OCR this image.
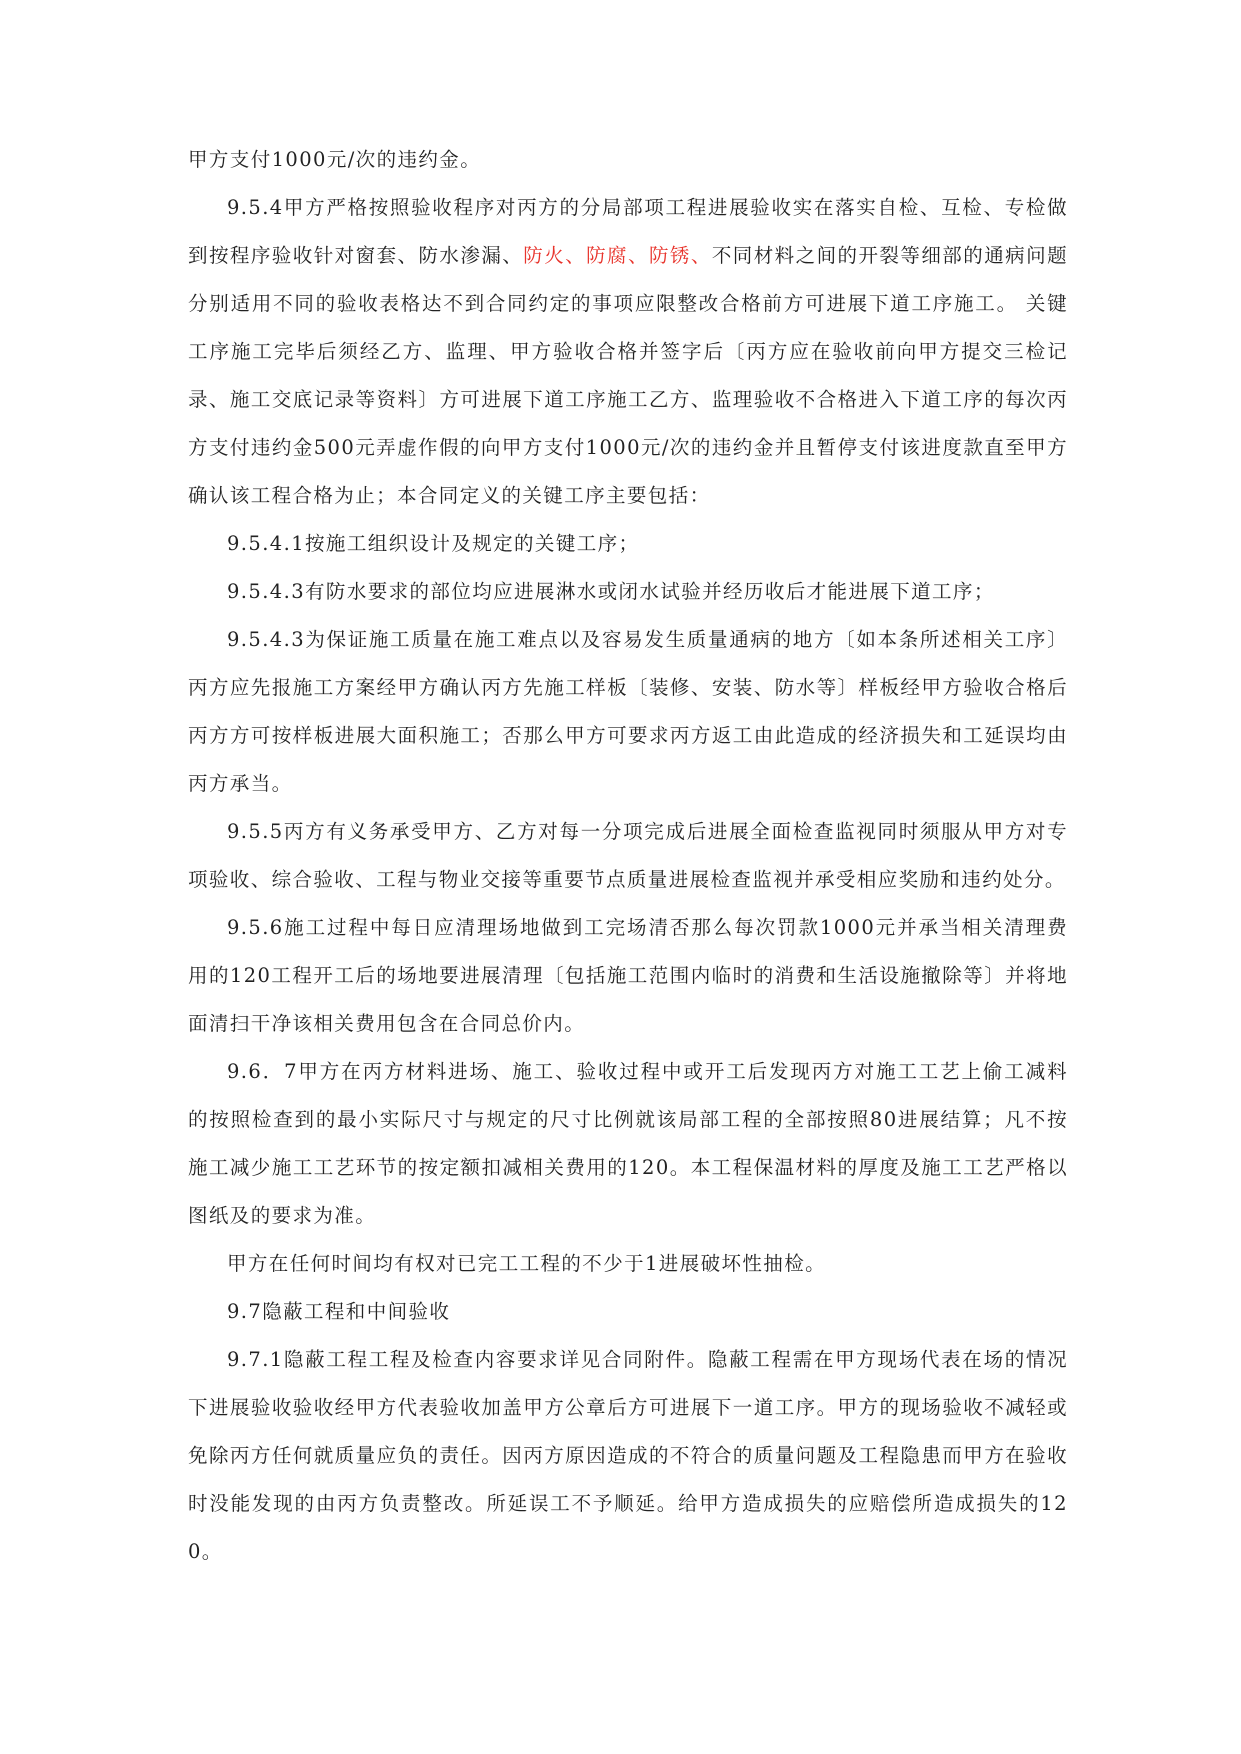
甲方支付1000元/次的违约金。

9.5.4甲方严格按照验收程序对丙方的分局部项工程进展验收实在落实自检、互检、专检做到按程序验收针对窗套、防水渗漏、防火、防腐、防锈、不同材料之间的开裂等细部的通病问题分别适用不同的验收表格达不到合同约定的事项应限整改合格前方可进展下道工序施工。 关键工序施工完毕后须经乙方、监理、甲方验收合格并签字后〔丙方应在验收前向甲方提交三检记录、施工交底记录等资料〕方可进展下道工序施工乙方、监理验收不合格进入下道工序的每次丙方支付违约金500元弄虚作假的向甲方支付1000元/次的违约金并且暂停支付该进度款直至甲方确认该工程合格为止；本合同定义的关键工序主要包括：

9.5.4.1按施工组织设计及规定的关键工序；

9.5.4.3有防水要求的部位均应进展淋水或闭水试验并经历收后才能进展下道工序；

9.5.4.3为保证施工质量在施工难点以及容易发生质量通病的地方〔如本条所述相关工序〕丙方应先报施工方案经甲方确认丙方先施工样板〔装修、安装、防水等〕样板经甲方验收合格后丙方方可按样板进展大面积施工；否那么甲方可要求丙方返工由此造成的经济损失和工延误均由丙方承当。

9.5.5丙方有义务承受甲方、乙方对每一分项完成后进展全面检查监视同时须服从甲方对专项验收、综合验收、工程与物业交接等重要节点质量进展检查监视并承受相应奖励和违约处分。

9.5.6施工过程中每日应清理场地做到工完场清否那么每次罚款1000元并承当相关清理费用的120工程开工后的场地要进展清理〔包括施工范围内临时的消费和生活设施撤除等〕并将地面清扫干净该相关费用包含在合同总价内。

9.6．7甲方在丙方材料进场、施工、验收过程中或开工后发现丙方对施工工艺上偷工减料的按照检查到的最小实际尺寸与规定的尺寸比例就该局部工程的全部按照80进展结算；凡不按施工减少施工工艺环节的按定额扣减相关费用的120。本工程保温材料的厚度及施工工艺严格以图纸及的要求为准。

甲方在任何时间均有权对已完工工程的不少于1进展破坏性抽检。

9.7隐蔽工程和中间验收

9.7.1隐蔽工程工程及检查内容要求详见合同附件。隐蔽工程需在甲方现场代表在场的情况下进展验收验收经甲方代表验收加盖甲方公章后方可进展下一道工序。甲方的现场验收不减轻或免除丙方任何就质量应负的责任。因丙方原因造成的不符合的质量问题及工程隐患而甲方在验收时没能发现的由丙方负责整改。所延误工不予顺延。给甲方造成损失的应赔偿所造成损失的120。
